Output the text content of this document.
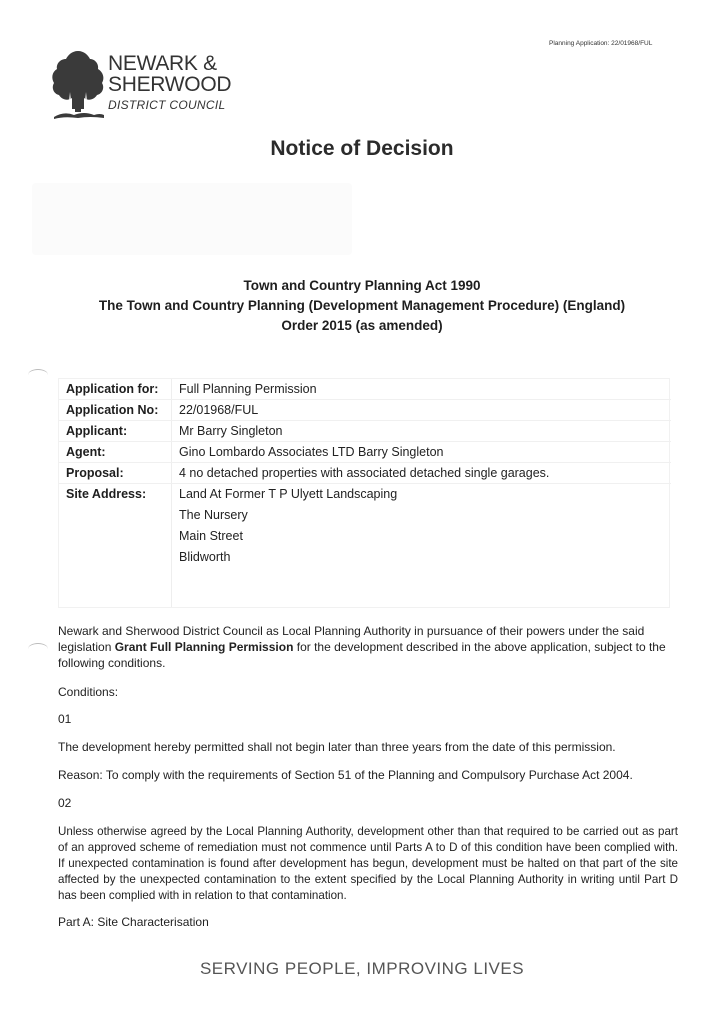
Planning Application: 22/01968/FUL
NEWARK &
SHERWOOD
DISTRICT COUNCIL
Notice of Decision
Town and Country Planning Act 1990
The Town and Country Planning (Development Management Procedure) (England)
Order 2015 (as amended)
Application for: Full Planning Permission
Application No: 22/01968/FUL
Applicant:	Mr Barry Singleton
Agent:	Gino Lombardo Associates LTD Barry Singleton
Proposal:	4 no detached properties with associated detached single garages.
Site Address:	Land At Former T P Ulyett Landscaping
The Nursery
Main Street
Blidworth
Newark and Sherwood District Council as Local Planning Authority in pursuance of their powers under the said legislation Grant Full Planning Permission for the development described in the above application, subject to the following conditions.
Conditions:
01
The development hereby permitted shall not begin later than three years from the date of this permission.
Reason: To comply with the requirements of Section 51 of the Planning and Compulsory Purchase Act 2004.
02
Unless otherwise agreed by the Local Planning Authority, development other than that required to be carried out as part of an approved scheme of remediation must not commence until Parts A to D of this condition have been complied with. If unexpected contamination is found after development has begun, development must be halted on that part of the site affected by the unexpected contamination to the extent specified by the Local Planning Authority in writing until Part D has been complied with in relation to that contamination.
Part A: Site Characterisation
SERVING PEOPLE, IMPROVING LIVES
